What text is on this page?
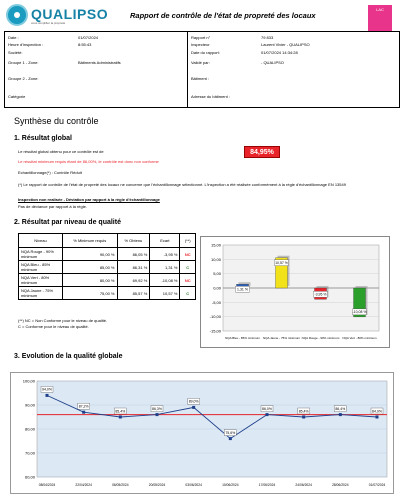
QUALIPSO
vous simplifier la propreté
Rapport de contrôle de l'état de propreté des locaux
LAC
Date :	01/07/2024
Heure d'inspection :	8:55:43
Société:
Groupe 1 - Zone:	Bâtiments Administratifs
Groupe 2 - Zone:
Catégorie
Rapport n°	79 833
Inspecteur	Laurent Vivier - QUALIPSO
Date du rapport:	01/07/2024 14:34:28
Validé par:	- QUALIPSO
Bâtiment :
Adresse du bâtiment :
Synthèse du contrôle
1. Résultat global
Le résultat global obtenu pour ce contrôle est de	84,95%
Le résultat minimum requis étant de 86,00%, le contrôle est donc non conforme
Echantillonnage(*) : Contrôle Réduit
(*) Le rapport de contrôle de l'état de propreté des locaux ne concerne que l'échantillonnage sélectionné. L'inspection a été réalisée conformément à la règle d'échantillonnage EN 13549
Inspection non realisée - Déviation par rapport à la règle d'échantillonnage
Pas de déviance par rapport à la règle.
2. Résultat par niveau de qualité
Niveau	% Minimum requis	% Obtenu	Ecart	(**)
NQA Rouge - 90% minimum	90,00 %	86,05 %	-3,95 %	NC
NQA Bleu - 85% minimum	85,00 %	86,31 %	1,31 %	C
NQA Vert - 80% minimum	80,00 %	69,92 %	-10,08 %	NC
NQA Jaune - 75% minimum	75,00 %	85,57 %	10,57 %	C
(**) NC = Non Conforme pour le niveau de qualité.
C = Conforme pour le niveau de qualité.
15,00
10,00
5,00
0,00
-5,00
-10,00
-15,00
1,31 %
NQA Bleu - 85% minimum
10,57 %
NQA Jaune - 75% minimum
-3,95 %
NQA Rouge - 90% minimum
-10,08 %
NQA Vert - 80% minimum
3. Evolution de la qualité globale
100,00
90,00
80,00
70,00
60,00
94,0%
08/04/2024
87,2%
22/04/2024
85,4%
06/05/2024
86,3%
20/05/2024
89,0%
03/06/2024
75,6%
10/06/2024
86,0%
17/06/2024
85,4%
24/06/2024
86,4%
28/06/2024
84,9%
01/07/2024
